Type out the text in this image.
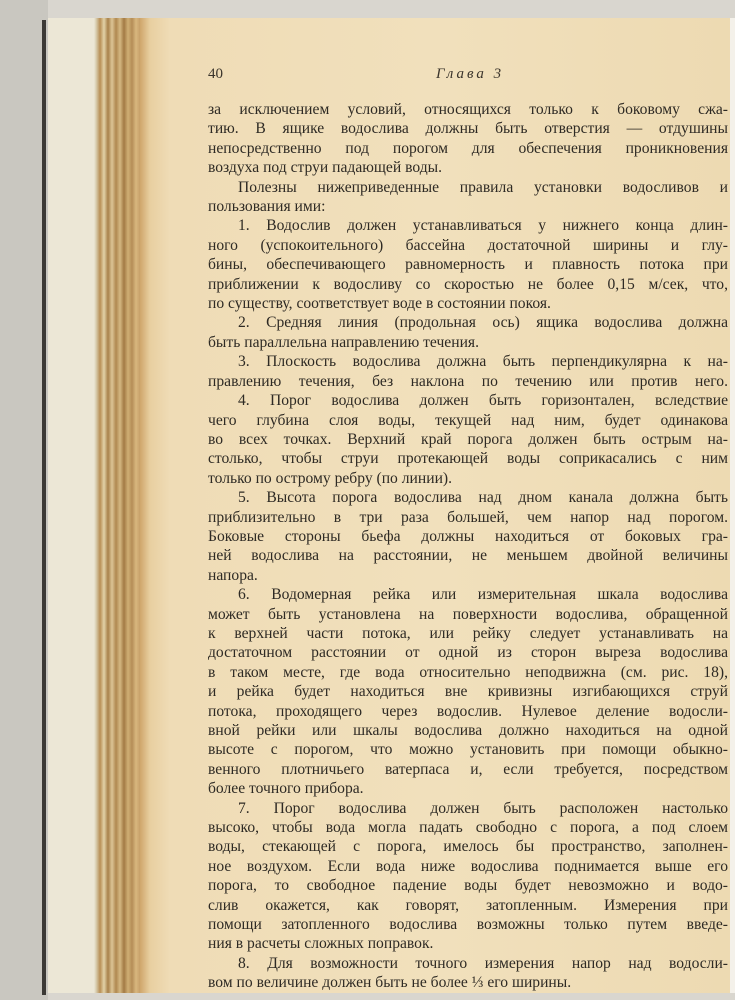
40	Глава 3
за исключением условий, относящихся только к боковому сжа-
тию. В ящике водослива должны быть отверстия — отдушины
непосредственно под порогом для обеспечения проникновения
воздуха под струи падающей воды.
Полезны нижеприведенные правила установки водосливов и
пользования ими:
1. Водослив должен устанавливаться у нижнего конца длин-
ного (успокоительного) бассейна достаточной ширины и глу-
бины, обеспечивающего равномерность и плавность потока при
приближении к водосливу со скоростью не более 0,15 м/сек, что,
по существу, соответствует воде в состоянии покоя.
2. Средняя линия (продольная ось) ящика водослива должна
быть параллельна направлению течения.
3. Плоскость водослива должна быть перпендикулярна к на-
правлению течения, без наклона по течению или против него.
4. Порог водослива должен быть горизонтален, вследствие
чего глубина слоя воды, текущей над ним, будет одинакова
во всех точках. Верхний край порога должен быть острым на-
столько, чтобы струи протекающей воды соприкасались с ним
только по острому ребру (по линии).
5. Высота порога водослива над дном канала должна быть
приблизительно в три раза большей, чем напор над порогом.
Боковые стороны бьефа должны находиться от боковых гра-
ней водослива на расстоянии, не меньшем двойной величины
напора.
6. Водомерная рейка или измерительная шкала водослива
может быть установлена на поверхности водослива, обращенной
к верхней части потока, или рейку следует устанавливать на
достаточном расстоянии от одной из сторон выреза водослива
в таком месте, где вода относительно неподвижна (см. рис. 18),
и рейка будет находиться вне кривизны изгибающихся струй
потока, проходящего через водослив. Нулевое деление водосли-
вной рейки или шкалы водослива должно находиться на одной
высоте с порогом, что можно установить при помощи обыкно-
венного плотничьего ватерпаса и, если требуется, посредством
более точного прибора.
7. Порог водослива должен быть расположен настолько
высоко, чтобы вода могла падать свободно с порога, а под слоем
воды, стекающей с порога, имелось бы пространство, заполнен-
ное воздухом. Если вода ниже водослива поднимается выше его
порога, то свободное падение воды будет невозможно и водо-
слив окажется, как говорят, затопленным. Измерения при
помощи затопленного водослива возможны только путем введе-
ния в расчеты сложных поправок.
8. Для возможности точного измерения напор над водосли-
вом по величине должен быть не более ⅓ его ширины.
